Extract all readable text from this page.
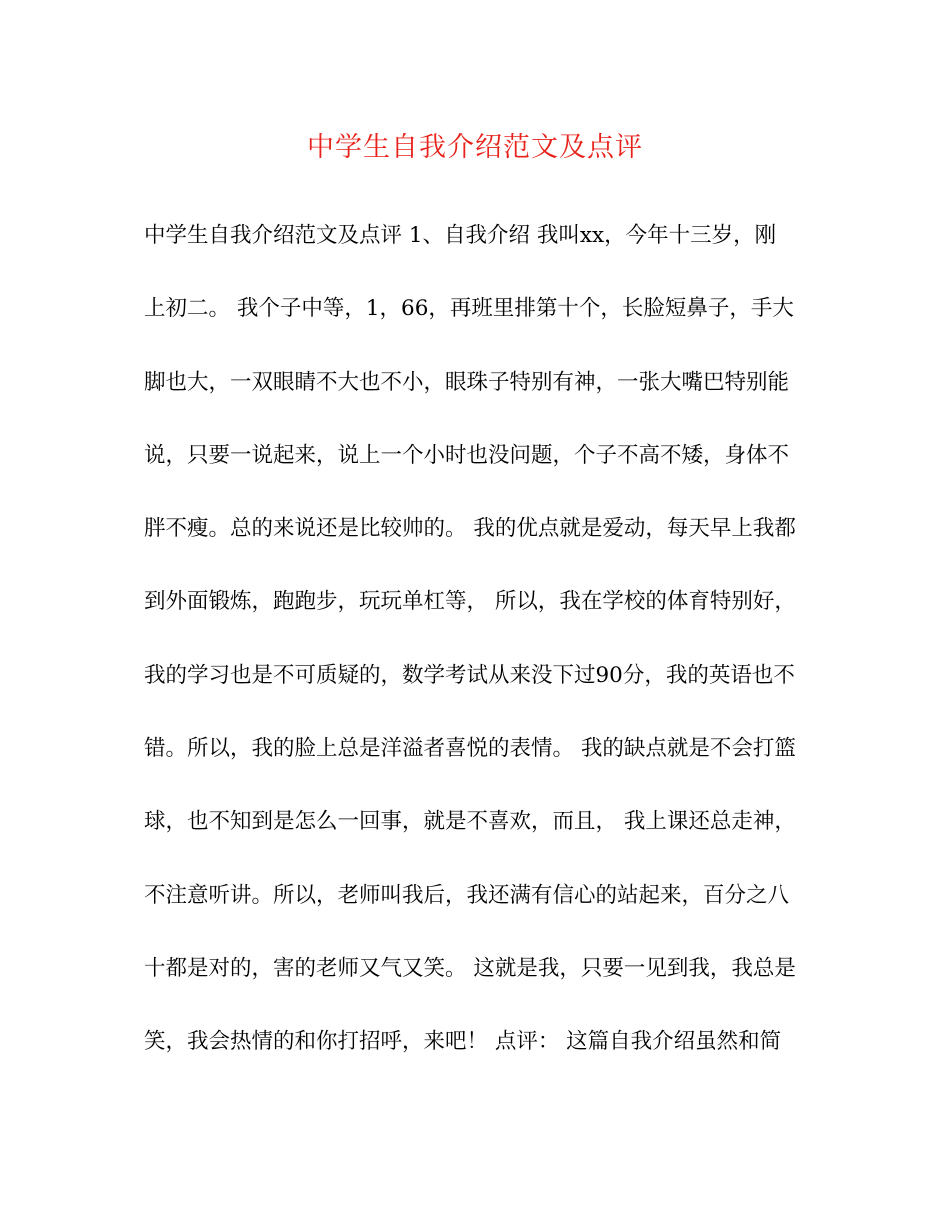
中学生自我介绍范文及点评
中学生自我介绍范文及点评 1、自我介绍 我叫xx，今年十三岁，刚
上初二。 我个子中等，1，66，再班里排第十个，长脸短鼻子，手大
脚也大，一双眼睛不大也不小，眼珠子特别有神，一张大嘴巴特别能
说，只要一说起来，说上一个小时也没问题，个子不高不矮，身体不
胖不瘦。总的来说还是比较帅的。 我的优点就是爱动，每天早上我都
到外面锻炼，跑跑步，玩玩单杠等， 所以，我在学校的体育特别好，
我的学习也是不可质疑的，数学考试从来没下过90分，我的英语也不
错。所以，我的脸上总是洋溢者喜悦的表情。 我的缺点就是不会打篮
球，也不知到是怎么一回事，就是不喜欢，而且， 我上课还总走神，
不注意听讲。所以，老师叫我后，我还满有信心的站起来，百分之八
十都是对的，害的老师又气又笑。 这就是我，只要一见到我，我总是
笑，我会热情的和你打招呼，来吧！ 点评： 这篇自我介绍虽然和简
